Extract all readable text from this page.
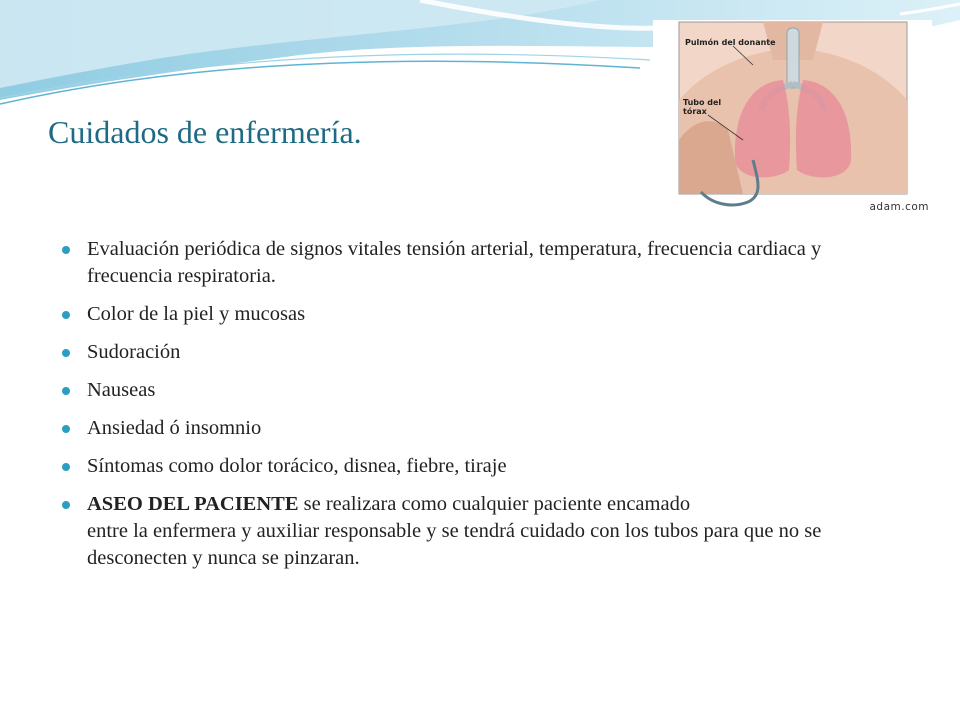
Cuidados de enfermería.
Pulmón del donante
Tubo del tórax
adam.com
Evaluación periódica de signos vitales tensión arterial, temperatura, frecuencia cardiaca y frecuencia respiratoria.
Color de la piel y mucosas
Sudoración
Nauseas
Ansiedad ó insomnio
Síntomas como dolor torácico, disnea, fiebre, tiraje
ASEO DEL PACIENTE se realizara como cualquier paciente encamado
entre la enfermera y auxiliar responsable y se tendrá cuidado con los tubos para que no se desconecten y nunca se pinzaran.
